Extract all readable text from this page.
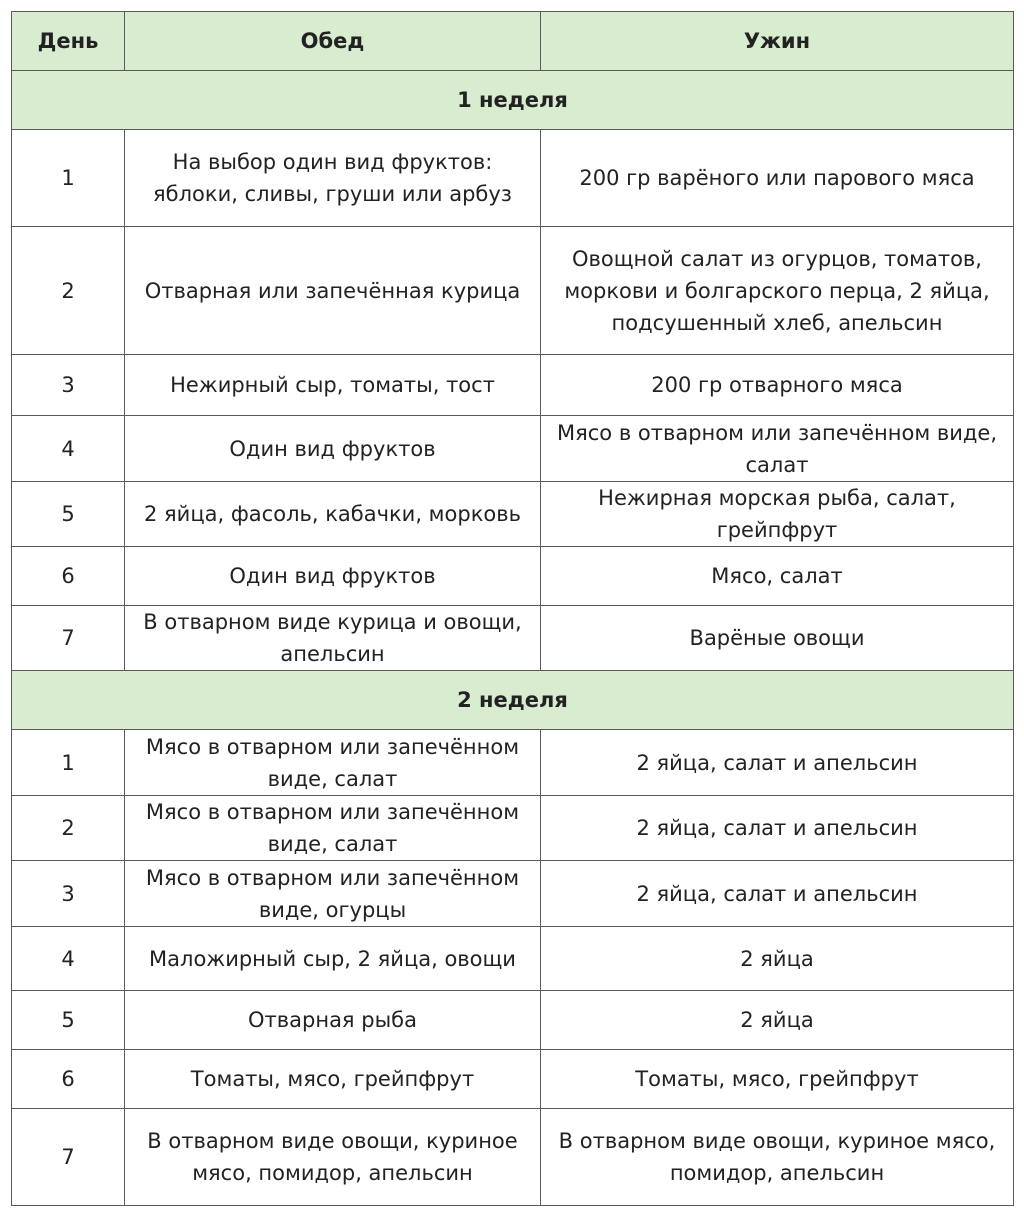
День	Обед	Ужин
1 неделя		
1	На выбор один вид фруктов: яблоки, сливы, груши или арбуз	200 гр варёного или парового мяса
2	Отварная или запечённая курица	Овощной салат из огурцов, томатов, моркови и болгарского перца, 2 яйца, подсушенный хлеб, апельсин
3	Нежирный сыр, томаты, тост	200 гр отварного мяса
4	Один вид фруктов	Мясо в отварном или запечённом виде, салат
5	2 яйца, фасоль, кабачки, морковь	Нежирная морская рыба, салат, грейпфрут
6	Один вид фруктов	Мясо, салат
7	В отварном виде курица и овощи, апельсин	Варёные овощи
2 неделя		
1	Мясо в отварном или запечённом виде, салат	2 яйца, салат и апельсин
2	Мясо в отварном или запечённом виде, салат	2 яйца, салат и апельсин
3	Мясо в отварном или запечённом виде, огурцы	2 яйца, салат и апельсин
4	Маложирный сыр, 2 яйца, овощи	2 яйца
5	Отварная рыба	2 яйца
6	Томаты, мясо, грейпфрут	Томаты, мясо, грейпфрут
7	В отварном виде овощи, куриное мясо, помидор, апельсин	В отварном виде овощи, куриное мясо, помидор, апельсин
